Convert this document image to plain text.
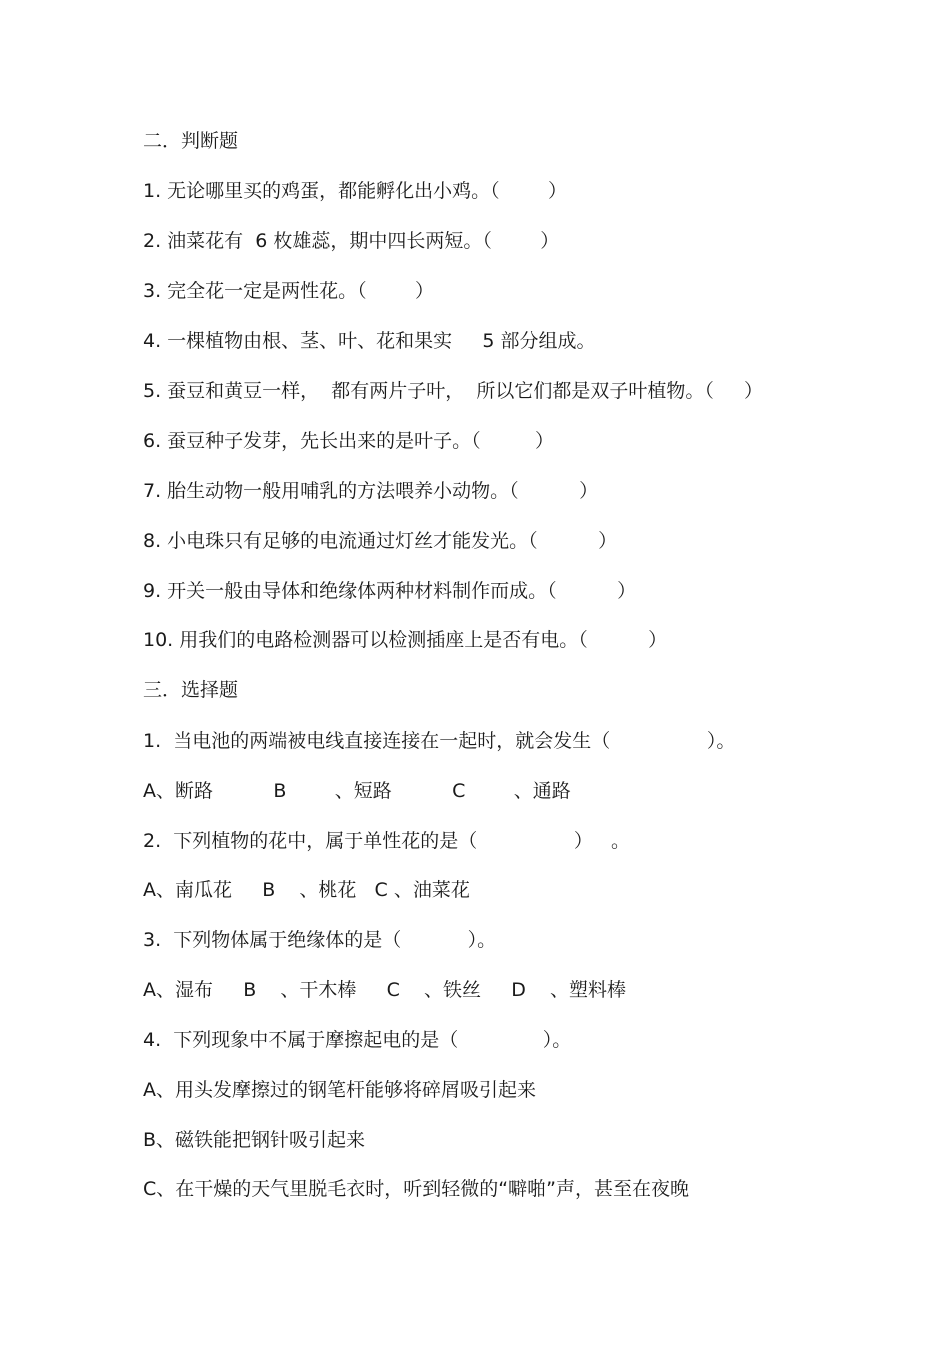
二．判断题
1. 无论哪里买的鸡蛋，都能孵化出小鸡。（        ）
2. 油菜花有  6 枚雄蕊，期中四长两短。（        ）
3. 完全花一定是两性花。（        ）
4. 一棵植物由根、茎、叶、花和果实     5 部分组成。
5. 蚕豆和黄豆一样，  都有两片子叶，  所以它们都是双子叶植物。（     ）
6. 蚕豆种子发芽，先长出来的是叶子。（         ）
7. 胎生动物一般用哺乳的方法喂养小动物。（          ）
8. 小电珠只有足够的电流通过灯丝才能发光。（          ）
9. 开关一般由导体和绝缘体两种材料制作而成。（          ）
10. 用我们的电路检测器可以检测插座上是否有电。（          ）
三．选择题
1.  当电池的两端被电线直接连接在一起时，就会发生（                ）。
A、断路          B        、短路          C        、通路
2.  下列植物的花中，属于单性花的是（                ）   。
A、南瓜花     B    、桃花   C 、油菜花
3.  下列物体属于绝缘体的是（           ）。
A、湿布     B    、干木棒     C    、铁丝     D    、塑料棒
4.  下列现象中不属于摩擦起电的是（              ）。
A、用头发摩擦过的钢笔杆能够将碎屑吸引起来
B、磁铁能把钢针吸引起来
C、在干燥的天气里脱毛衣时，听到轻微的“噼啪”声，甚至在夜晚
